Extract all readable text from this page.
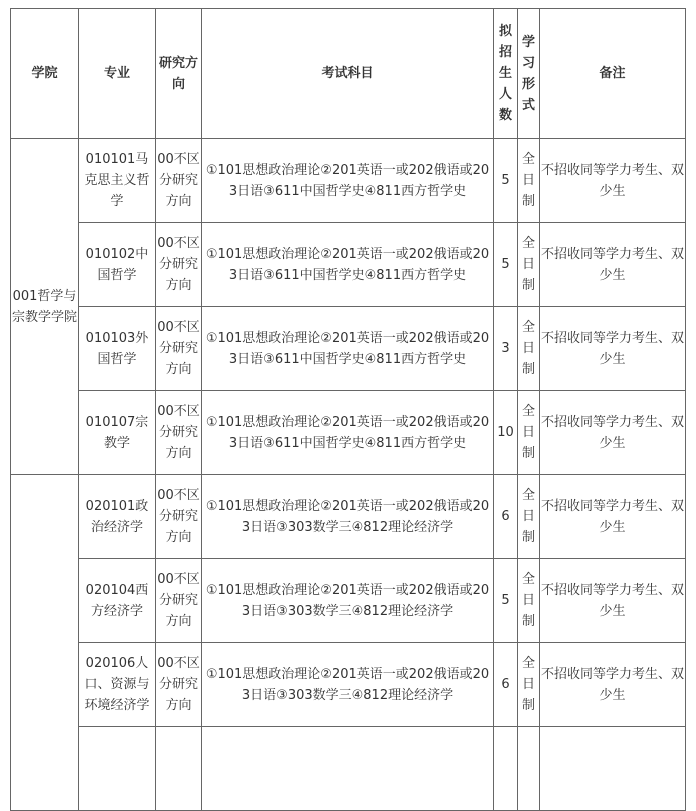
学院	专业	研究方向	考试科目	拟招生人数	学习形式	备注
001哲学与宗教学学院	010101马克思主义哲学	00不区分研究方向	①101思想政治理论②201英语一或202俄语或203日语③611中国哲学史④811西方哲学史	5	全日制	不招收同等学力考生、双少生
	010102中国哲学	00不区分研究方向	①101思想政治理论②201英语一或202俄语或203日语③611中国哲学史④811西方哲学史	5	全日制	不招收同等学力考生、双少生
	010103外国哲学	00不区分研究方向	①101思想政治理论②201英语一或202俄语或203日语③611中国哲学史④811西方哲学史	3	全日制	不招收同等学力考生、双少生
	010107宗教学	00不区分研究方向	①101思想政治理论②201英语一或202俄语或203日语③611中国哲学史④811西方哲学史	10	全日制	不招收同等学力考生、双少生
	020101政治经济学	00不区分研究方向	①101思想政治理论②201英语一或202俄语或203日语③303数学三④812理论经济学	6	全日制	不招收同等学力考生、双少生
	020104西方经济学	00不区分研究方向	①101思想政治理论②201英语一或202俄语或203日语③303数学三④812理论经济学	5	全日制	不招收同等学力考生、双少生
	020106人口、资源与环境经济学	00不区分研究方向	①101思想政治理论②201英语一或202俄语或203日语③303数学三④812理论经济学	6	全日制	不招收同等学力考生、双少生
